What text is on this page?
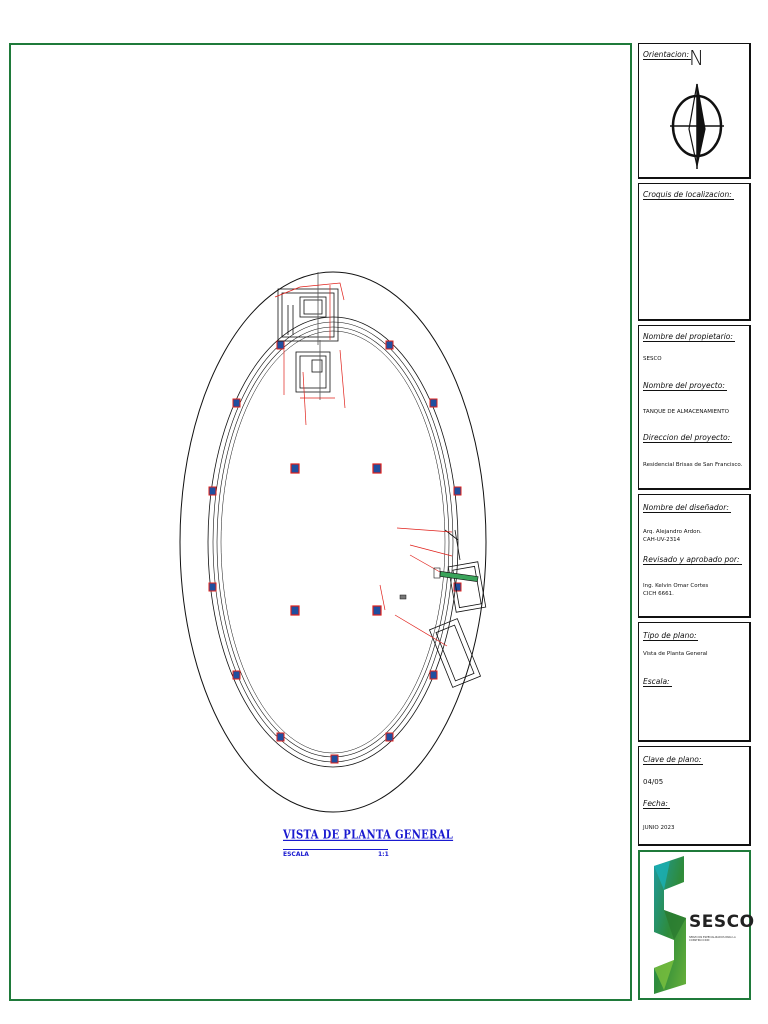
VISTA DE PLANTA GENERAL
ESCALA	1:1
Orientacion: N
Croquis de localizacion:
Nombre del propietario:
SESCO
Nombre del proyecto:
TANQUE DE ALMACENAMIENTO
Direccion del proyecto:
Residencial Brisas de San Francisco.
Nombre del diseñador:
Arq. Alejandro Ardon.
CAH-UV-2314
Revisado y aprobado por:
Ing. Kelvin Omar Cortes
CICH 6661.
Tipo de plano:
Vista de Planta General
Escala:
Clave de plano:
04/05
Fecha:
JUNIO 2023
SESCO
SERVICIOS ESPECIALIZADOS PARA LA CONSTRUCCION
